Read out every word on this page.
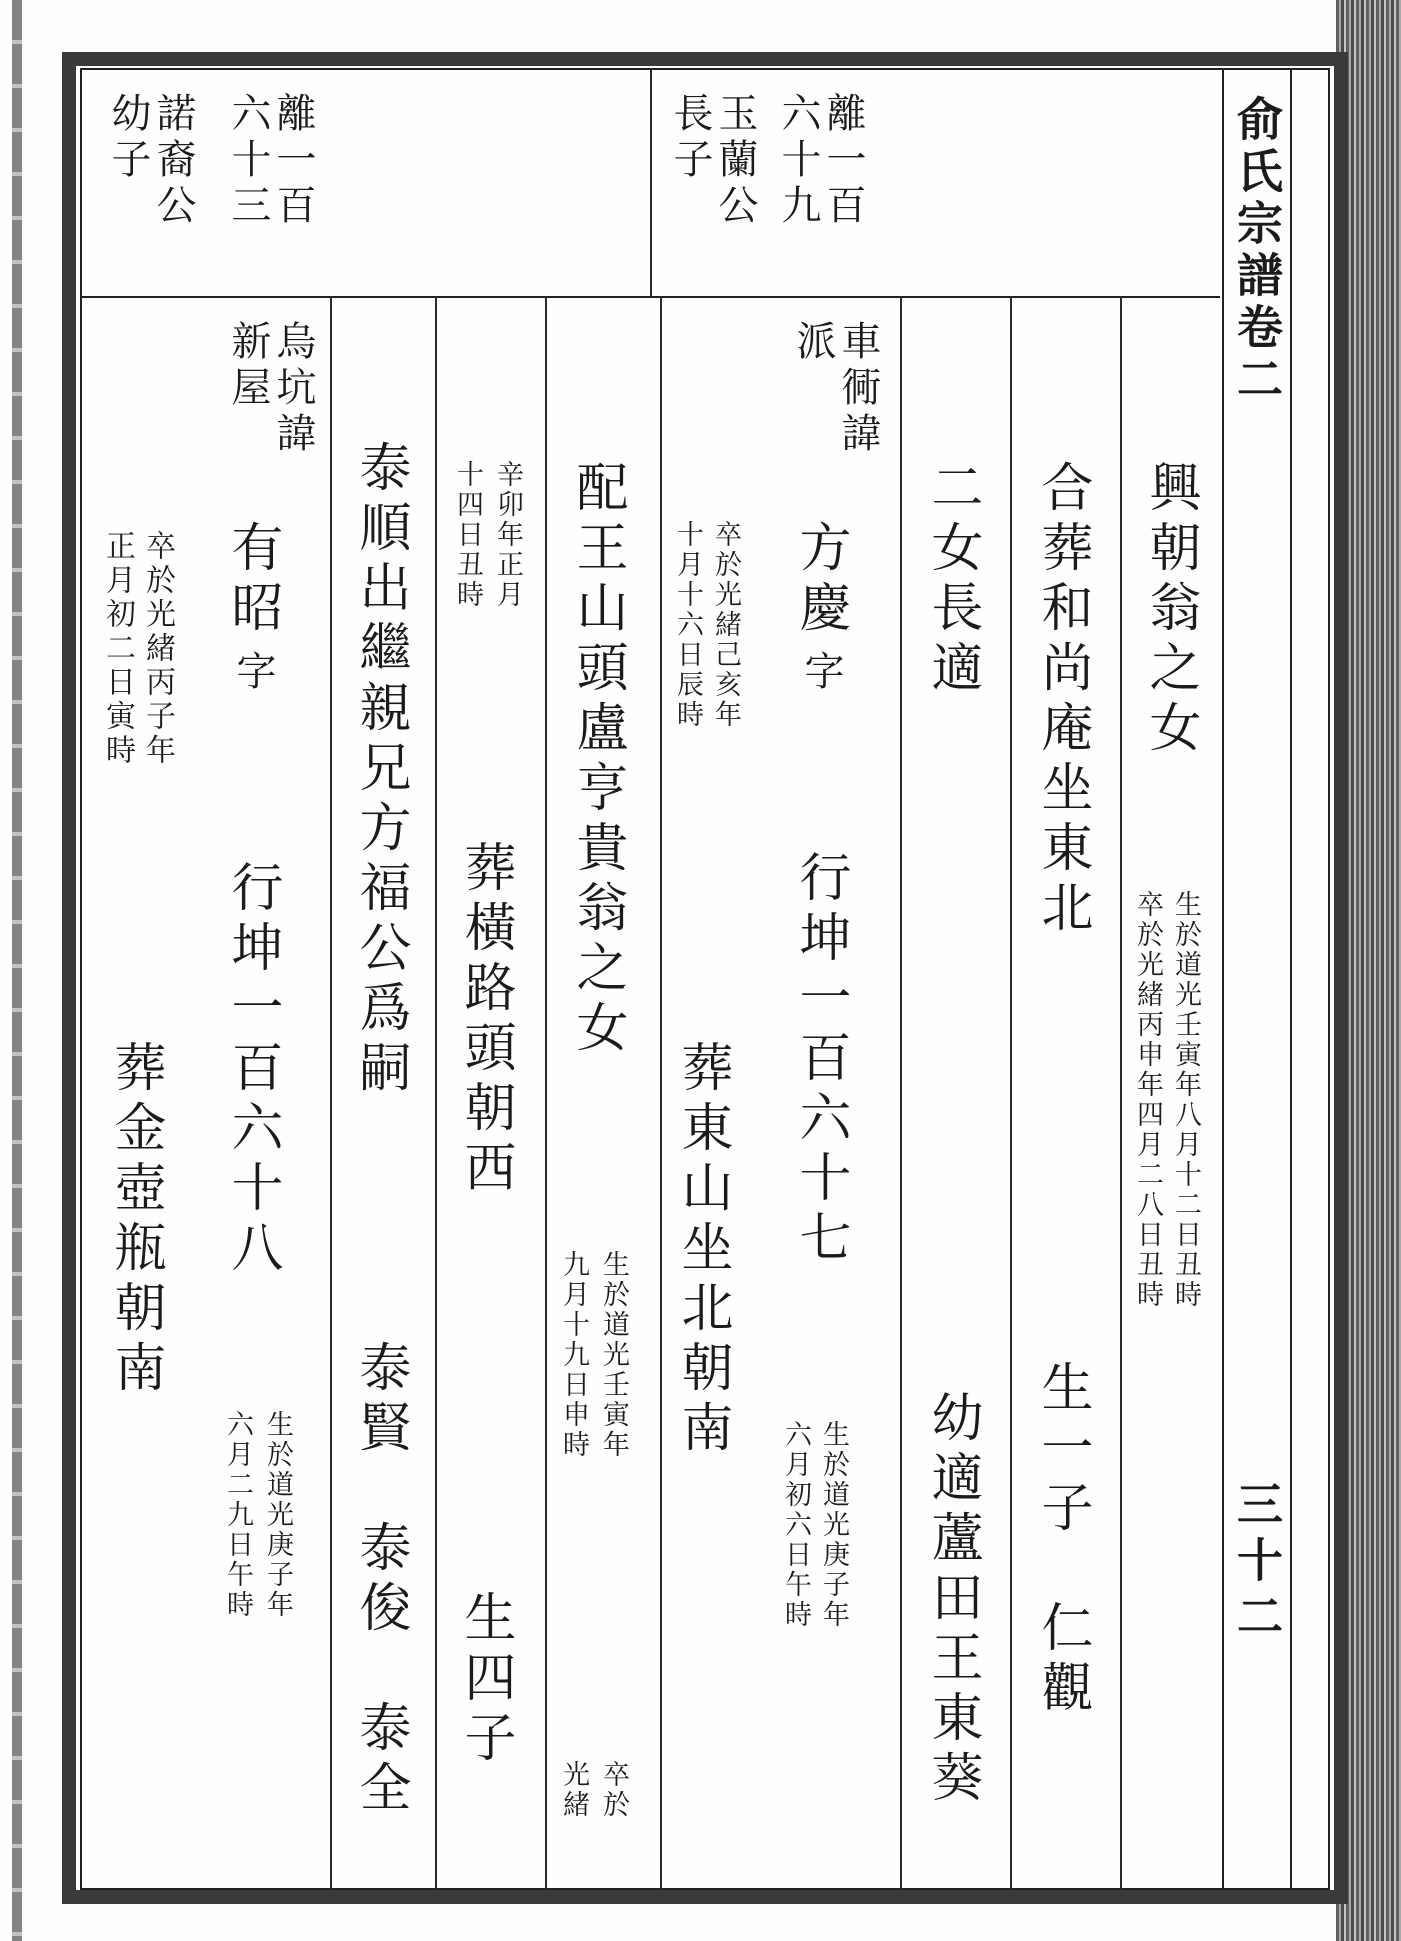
俞氏宗譜卷二
三十二
離一百
六十三
諾裔公
幼子	離一百
六十九
玉蘭公
長子
興朝翁之女
生於道光壬寅年八月十二日丑時
卒於光緒丙申年四月二八日丑時
合葬和尚庵坐東北
生一子　仁觀
二女長適
幼適蘆田王東葵
車衕諱
派
方慶
字
行坤一百六十七
生於道光庚子年
六月初六日午時
卒於光緒己亥年
十月十六日辰時
葬東山坐北朝南
配王山頭盧亨貴翁之女
生於道光壬寅年
九月十九日申時
卒於
光緒
辛卯年正月
十四日丑時
葬橫路頭朝西
生四子
泰順出繼親兄方福公爲嗣
泰賢　泰俊　泰全
烏坑諱
新屋
有昭
字
行坤一百六十八
生於道光庚子年
六月二九日午時
卒於光緒丙子年
正月初二日寅時
葬金壺瓶朝南
